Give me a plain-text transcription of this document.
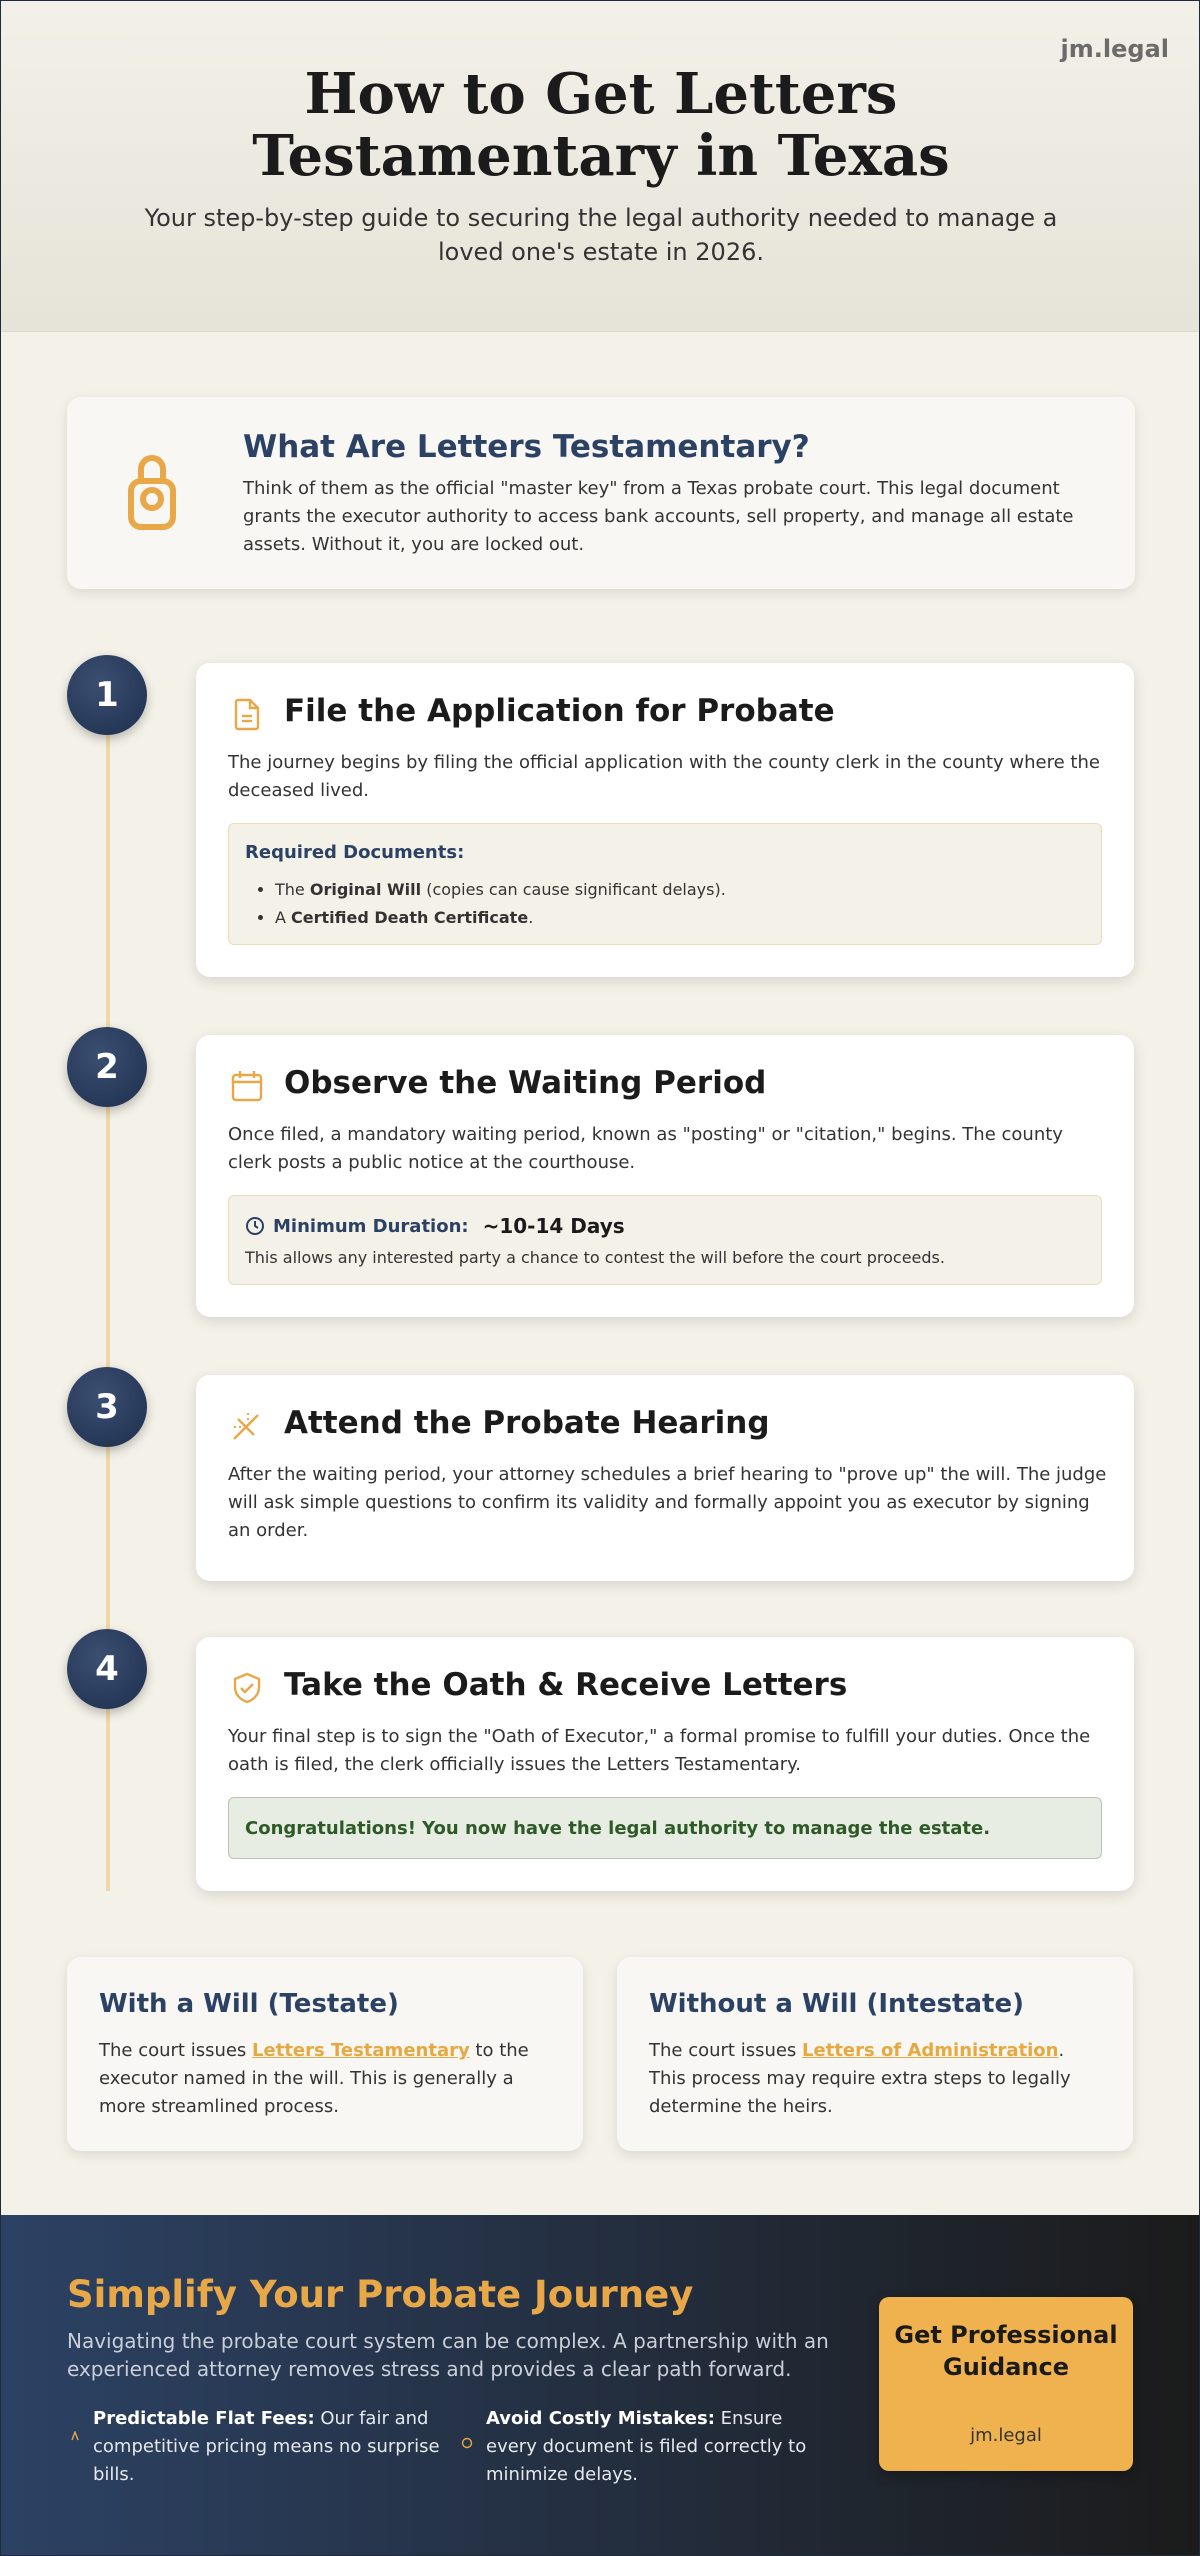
jm.legal
How to Get Letters Testamentary in Texas

Your step-by-step guide to securing the legal authority needed to manage a loved one's estate in 2026.

What Are Letters Testamentary?

Think of them as the official "master key" from a Texas probate court. This legal document grants the executor authority to access bank accounts, sell property, and manage all estate assets. Without it, you are locked out.

1	File the Application for Probate

The journey begins by filing the official application with the county clerk in the county where the deceased lived.

Required Documents:
• The Original Will (copies can cause significant delays).
• A Certified Death Certificate.
2	Observe the Waiting Period

Once filed, a mandatory waiting period, known as "posting" or "citation," begins. The county clerk posts a public notice at the courthouse.

Minimum Duration: ~10-14 Days
This allows any interested party a chance to contest the will before the court proceeds.
3	Attend the Probate Hearing

After the waiting period, your attorney schedules a brief hearing to "prove up" the will. The judge will ask simple questions to confirm its validity and formally appoint you as executor by signing an order.

4	Take the Oath & Receive Letters

Your final step is to sign the "Oath of Executor," a formal promise to fulfill your duties. Once the oath is filed, the clerk officially issues the Letters Testamentary.

Congratulations! You now have the legal authority to manage the estate.
With a Will (Testate)

The court issues Letters Testamentary to the executor named in the will. This is generally a more streamlined process.

Without a Will (Intestate)

The court issues Letters of Administration. This process may require extra steps to legally determine the heirs.

Simplify Your Probate Journey

Navigating the probate court system can be complex. A partnership with an experienced attorney removes stress and provides a clear path forward.

Predictable Flat Fees: Our fair and competitive pricing means no surprise bills.
Avoid Costly Mistakes: Ensure every document is filed correctly to minimize delays.
Get Professional Guidance
jm.legal
